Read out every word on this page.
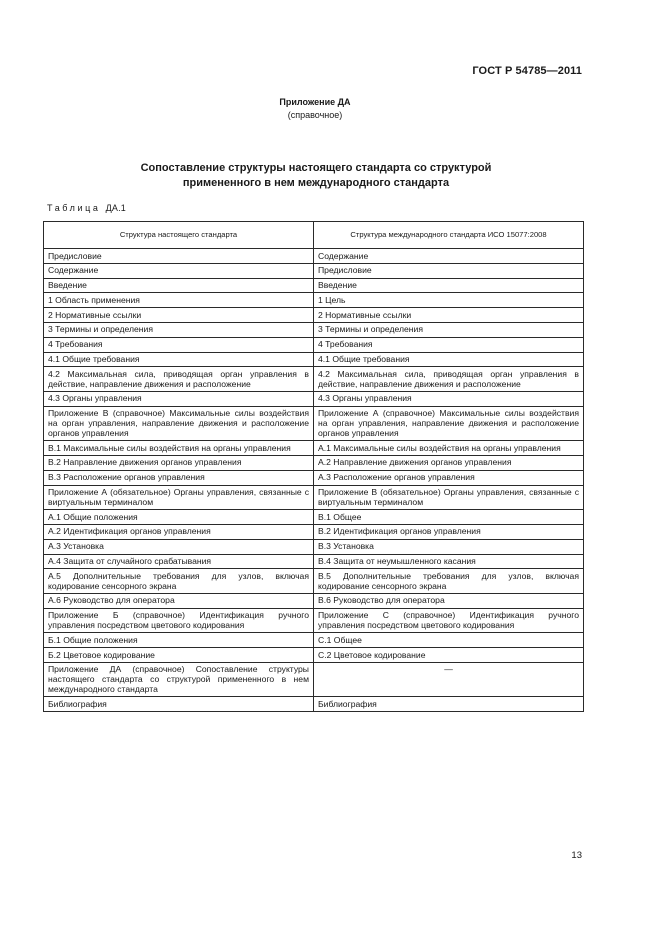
ГОСТ Р 54785—2011
Приложение ДА
(справочное)
Сопоставление структуры настоящего стандарта со структурой
примененного в нем международного стандарта
Таблица ДА.1
Структура настоящего стандарта	Структура международного стандарта ИСО 15077:2008
Предисловие	Содержание
Содержание	Предисловие
Введение	Введение
1 Область применения	1 Цель
2 Нормативные ссылки	2 Нормативные ссылки
3 Термины и определения	3 Термины и определения
4 Требования	4 Требования
4.1 Общие требования	4.1 Общие требования
4.2 Максимальная сила, приводящая орган управления в действие, направление движения и расположение	4.2 Максимальная сила, приводящая орган управления в действие, направление движения и расположение
4.3 Органы управления	4.3 Органы управления
Приложение В (справочное) Максимальные силы воздействия на орган управления, направление движения и расположение органов управления	Приложение А (справочное) Максимальные силы воздействия на орган управления, направление движения и расположение органов управления
В.1 Максимальные силы воздействия на органы управления	А.1 Максимальные силы воздействия на органы управления
В.2 Направление движения органов управления	А.2 Направление движения органов управления
В.3 Расположение органов управления	А.3 Расположение органов управления
Приложение А (обязательное) Органы управления, связанные с виртуальным терминалом	Приложение В (обязательное) Органы управления, связанные с виртуальным терминалом
А.1 Общие положения	В.1 Общее
А.2 Идентификация органов управления	В.2 Идентификация органов управления
А.3 Установка	В.3 Установка
А.4 Защита от случайного срабатывания	В.4 Защита от неумышленного касания
А.5 Дополнительные требования для узлов, включая кодирование сенсорного экрана	В.5 Дополнительные требования для узлов, включая кодирование сенсорного экрана
А.6 Руководство для оператора	В.6 Руководство для оператора
Приложение Б (справочное) Идентификация ручного управления посредством цветового кодирования	Приложение С (справочное) Идентификация ручного управления посредством цветового кодирования
Б.1 Общие положения	С.1 Общее
Б.2 Цветовое кодирование	С.2 Цветовое кодирование
Приложение ДА (справочное) Сопоставление структуры настоящего стандарта со структурой примененного в нем международного стандарта	—
Библиография	Библиография
13
